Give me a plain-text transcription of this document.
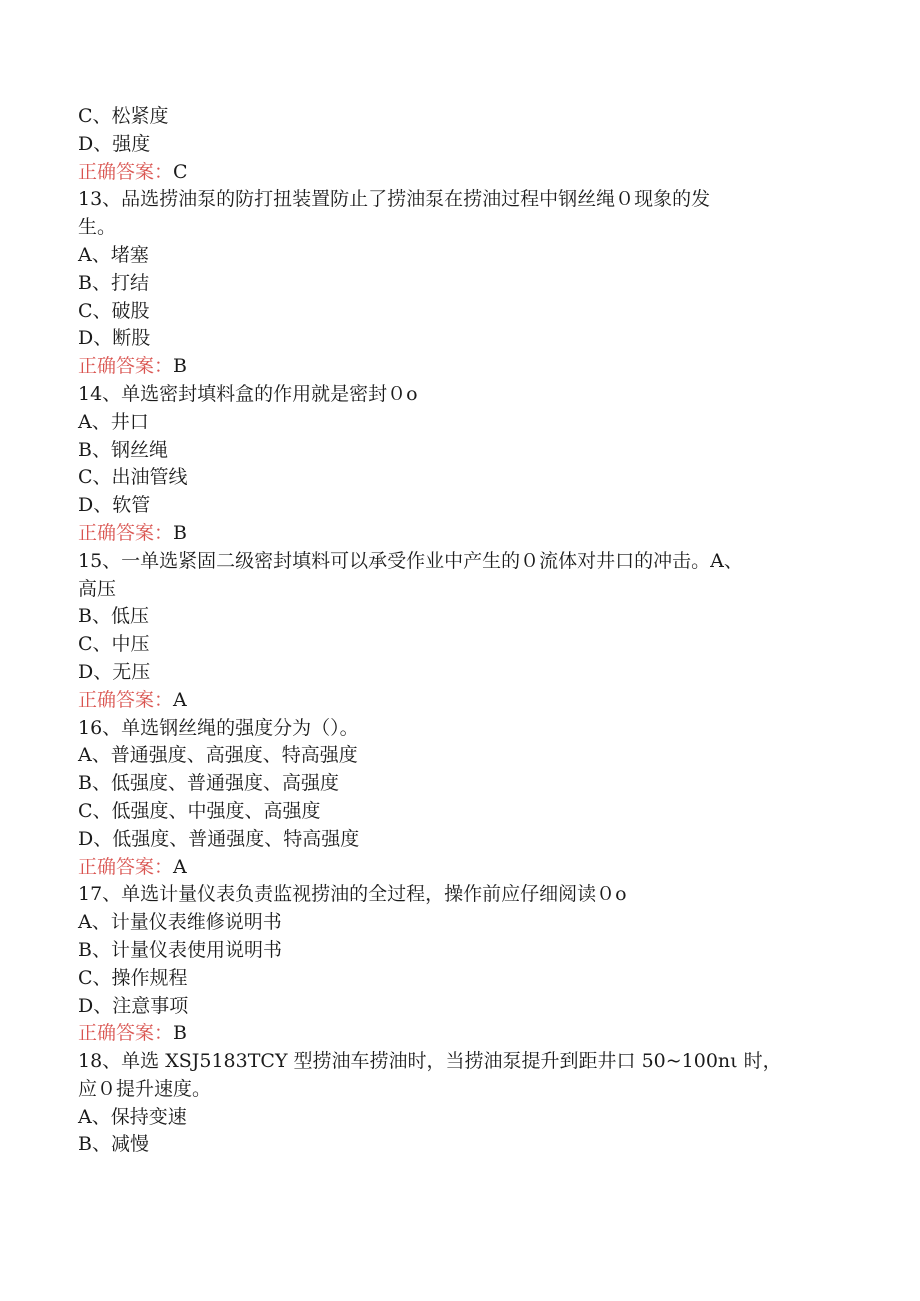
C、松紧度
D、强度
正确答案：C
13、品选捞油泵的防打扭装置防止了捞油泵在捞油过程中钢丝绳０现象的发
生。
A、堵塞
B、打结
C、破股
D、断股
正确答案：B
14、单选密封填料盒的作用就是密封０o
A、井口
B、钢丝绳
C、出油管线
D、软管
正确答案：B
15、一单选紧固二级密封填料可以承受作业中产生的０流体对井口的冲击。A、
高压
B、低压
C、中压
D、无压
正确答案：A
16、单选钢丝绳的强度分为（）。
A、普通强度、高强度、特高强度
B、低强度、普通强度、高强度
C、低强度、中强度、高强度
D、低强度、普通强度、特高强度
正确答案：A
17、单选计量仪表负责监视捞油的全过程，操作前应仔细阅读０o
A、计量仪表维修说明书
B、计量仪表使用说明书
C、操作规程
D、注意事项
正确答案：B
18、单选 XSJ5183TCY 型捞油车捞油时，当捞油泵提升到距井口 50~100nι 时，
应０提升速度。
A、保持变速
B、减慢
